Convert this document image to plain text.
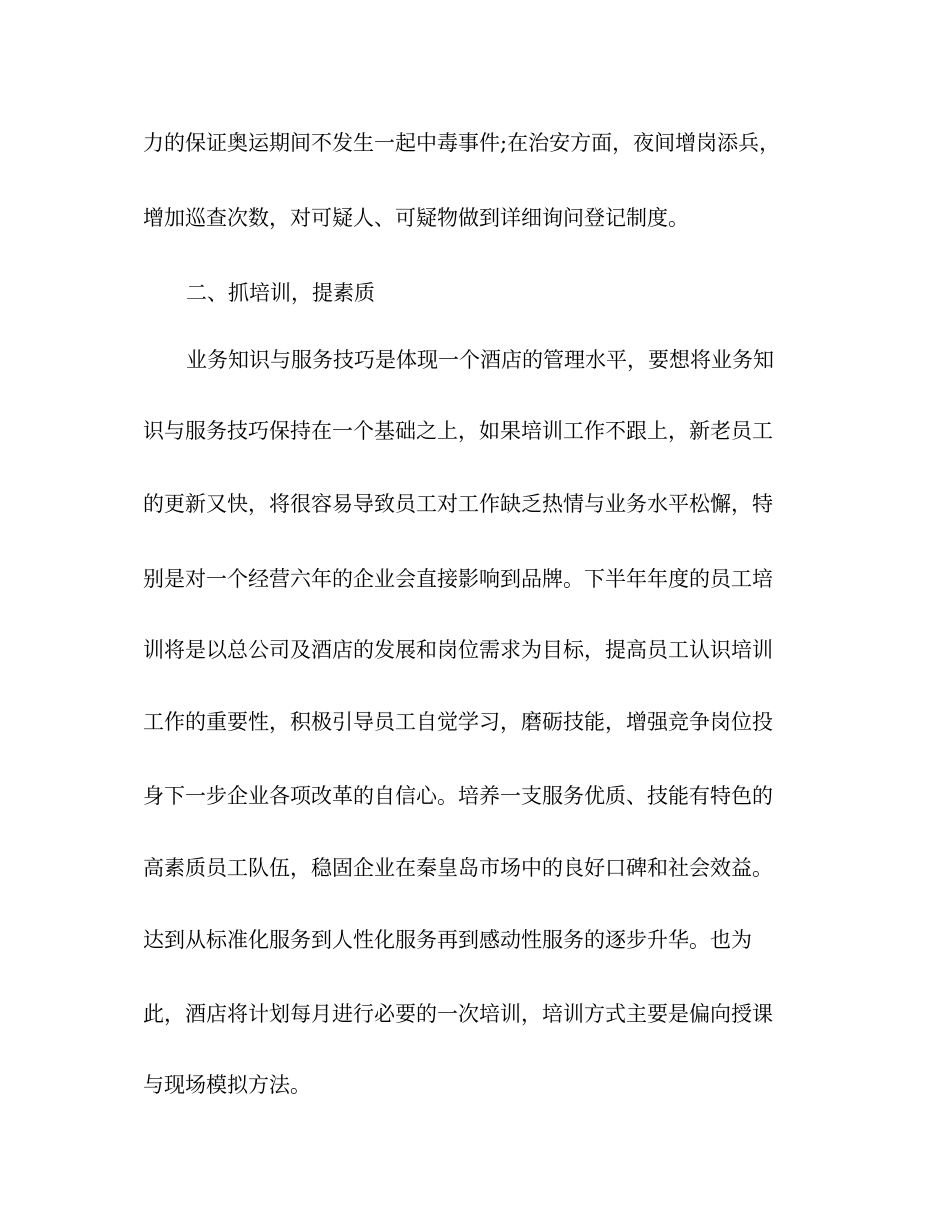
力的保证奥运期间不发生一起中毒事件;在治安方面，夜间增岗添兵，
增加巡查次数，对可疑人、可疑物做到详细询问登记制度。
二、抓培训，提素质
业务知识与服务技巧是体现一个酒店的管理水平，要想将业务知
识与服务技巧保持在一个基础之上，如果培训工作不跟上，新老员工
的更新又快，将很容易导致员工对工作缺乏热情与业务水平松懈，特
别是对一个经营六年的企业会直接影响到品牌。下半年年度的员工培
训将是以总公司及酒店的发展和岗位需求为目标，提高员工认识培训
工作的重要性，积极引导员工自觉学习，磨砺技能，增强竞争岗位投
身下一步企业各项改革的自信心。培养一支服务优质、技能有特色的
高素质员工队伍，稳固企业在秦皇岛市场中的良好口碑和社会效益。
达到从标准化服务到人性化服务再到感动性服务的逐步升华。也为
此，酒店将计划每月进行必要的一次培训，培训方式主要是偏向授课
与现场模拟方法。
